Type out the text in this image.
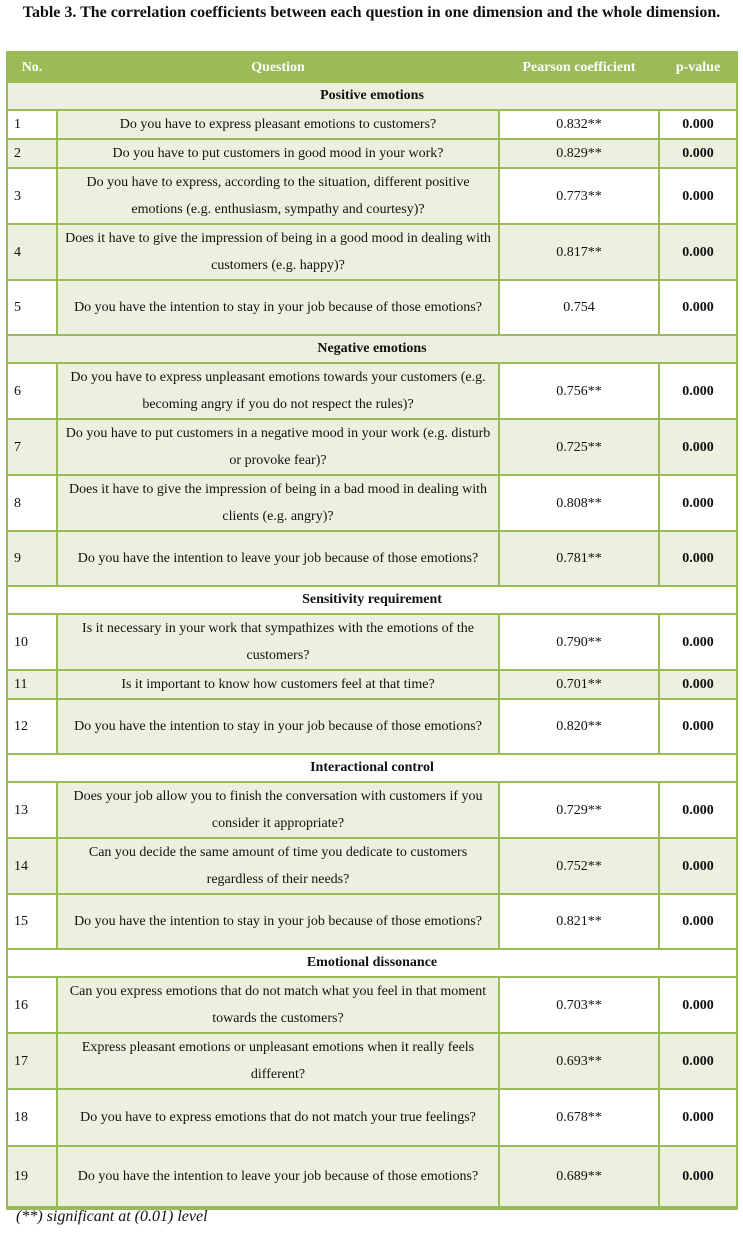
Table 3. The correlation coefficients between each question in one dimension and the whole dimension.
No.	Question	Pearson coefficient	p-value
Positive emotions			
1	Do you have to express pleasant emotions to customers?	0.832**	0.000
2	Do you have to put customers in good mood in your work?	0.829**	0.000
3	Do you have to express, according to the situation, different positive emotions (e.g. enthusiasm, sympathy and courtesy)?	0.773**	0.000
4	Does it have to give the impression of being in a good mood in dealing with customers (e.g. happy)?	0.817**	0.000
5	Do you have the intention to stay in your job because of those emotions?	0.754	0.000
Negative emotions			
6	Do you have to express unpleasant emotions towards your customers (e.g. becoming angry if you do not respect the rules)?	0.756**	0.000
7	Do you have to put customers in a negative mood in your work (e.g. disturb or provoke fear)?	0.725**	0.000
8	Does it have to give the impression of being in a bad mood in dealing with clients (e.g. angry)?	0.808**	0.000
9	Do you have the intention to leave your job because of those emotions?	0.781**	0.000
Sensitivity requirement			
10	Is it necessary in your work that sympathizes with the emotions of the customers?	0.790**	0.000
11	Is it important to know how customers feel at that time?	0.701**	0.000
12	Do you have the intention to stay in your job because of those emotions?	0.820**	0.000
Interactional control			
13	Does your job allow you to finish the conversation with customers if you consider it appropriate?	0.729**	0.000
14	Can you decide the same amount of time you dedicate to customers regardless of their needs?	0.752**	0.000
15	Do you have the intention to stay in your job because of those emotions?	0.821**	0.000
Emotional dissonance			
16	Can you express emotions that do not match what you feel in that moment towards the customers?	0.703**	0.000
17	Express pleasant emotions or unpleasant emotions when it really feels different?	0.693**	0.000
18	Do you have to express emotions that do not match your true feelings?	0.678**	0.000
19	Do you have the intention to leave your job because of those emotions?	0.689**	0.000
(**) significant at (0.01) level
